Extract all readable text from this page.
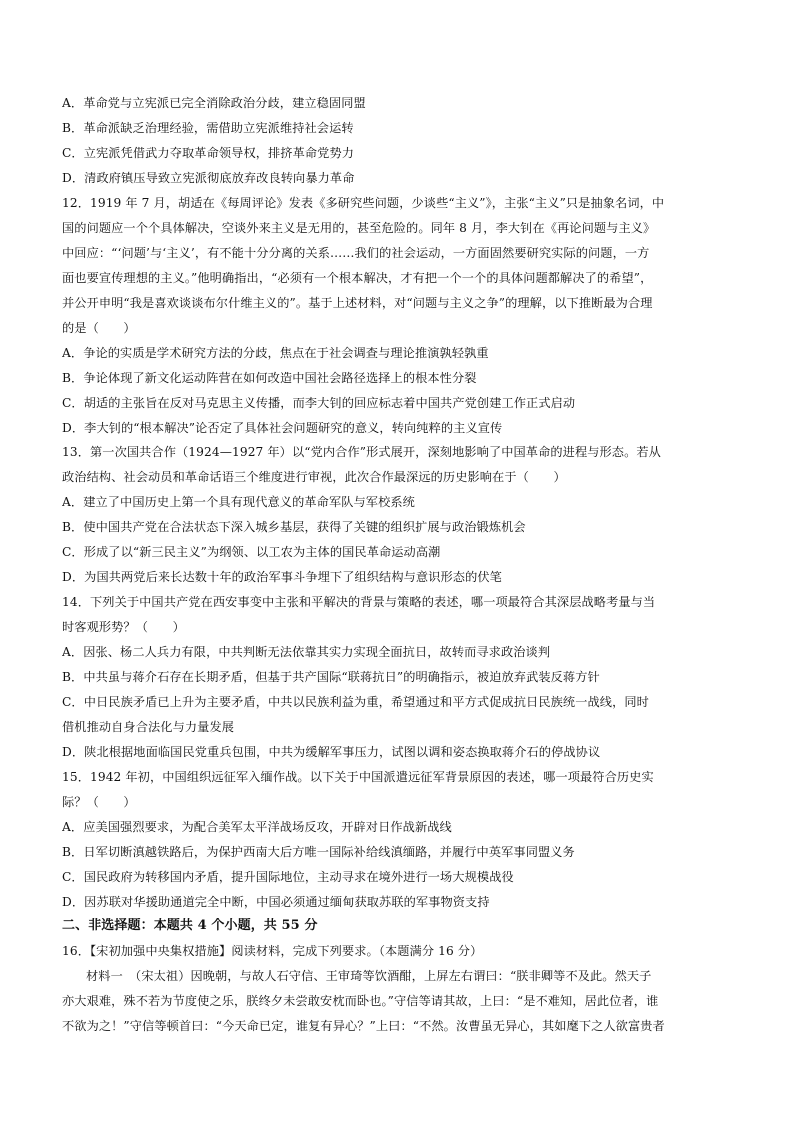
A．革命党与立宪派已完全消除政治分歧，建立稳固同盟
B．革命派缺乏治理经验，需借助立宪派维持社会运转
C．立宪派凭借武力夺取革命领导权，排挤革命党势力
D．清政府镇压导致立宪派彻底放弃改良转向暴力革命
12．1919 年 7 月，胡适在《每周评论》发表《多研究些问题，少谈些“主义”》，主张“主义”只是抽象名词，中
国的问题应一个个具体解决，空谈外来主义是无用的，甚至危险的。同年 8 月，李大钊在《再论问题与主义》
中回应：“‘问题’与‘主义’，有不能十分分离的关系……我们的社会运动，一方面固然要研究实际的问题，一方
面也要宣传理想的主义。”他明确指出，“必须有一个根本解决，才有把一个一个的具体问题都解决了的希望”，
并公开申明“我是喜欢谈谈布尔什维主义的”。基于上述材料，对“问题与主义之争”的理解，以下推断最为合理
的是（　　）
A．争论的实质是学术研究方法的分歧，焦点在于社会调查与理论推演孰轻孰重
B．争论体现了新文化运动阵营在如何改造中国社会路径选择上的根本性分裂
C．胡适的主张旨在反对马克思主义传播，而李大钊的回应标志着中国共产党创建工作正式启动
D．李大钊的“根本解决”论否定了具体社会问题研究的意义，转向纯粹的主义宣传
13．第一次国共合作（1924—1927 年）以“党内合作”形式展开，深刻地影响了中国革命的进程与形态。若从
政治结构、社会动员和革命话语三个维度进行审视，此次合作最深远的历史影响在于（　　）
A．建立了中国历史上第一个具有现代意义的革命军队与军校系统
B．使中国共产党在合法状态下深入城乡基层，获得了关键的组织扩展与政治锻炼机会
C．形成了以“新三民主义”为纲领、以工农为主体的国民革命运动高潮
D．为国共两党后来长达数十年的政治军事斗争埋下了组织结构与意识形态的伏笔
14．下列关于中国共产党在西安事变中主张和平解决的背景与策略的表述，哪一项最符合其深层战略考量与当
时客观形势？（　　）
A．因张、杨二人兵力有限，中共判断无法依靠其实力实现全面抗日，故转而寻求政治谈判
B．中共虽与蒋介石存在长期矛盾，但基于共产国际“联蒋抗日”的明确指示，被迫放弃武装反蒋方针
C．中日民族矛盾已上升为主要矛盾，中共以民族利益为重，希望通过和平方式促成抗日民族统一战线，同时
借机推动自身合法化与力量发展
D．陕北根据地面临国民党重兵包围，中共为缓解军事压力，试图以调和姿态换取蒋介石的停战协议
15．1942 年初，中国组织远征军入缅作战。以下关于中国派遣远征军背景原因的表述，哪一项最符合历史实
际？（　　）
A．应美国强烈要求，为配合美军太平洋战场反攻，开辟对日作战新战线
B．日军切断滇越铁路后，为保护西南大后方唯一国际补给线滇缅路，并履行中英军事同盟义务
C．国民政府为转移国内矛盾，提升国际地位，主动寻求在境外进行一场大规模战役
D．因苏联对华援助通道完全中断，中国必须通过缅甸获取苏联的军事物资支持
二、非选择题：本题共 4 个小题，共 55 分
16．【宋初加强中央集权措施】阅读材料，完成下列要求。（本题满分 16 分）
材料一　（宋太祖）因晚朝，与故人石守信、王审琦等饮酒酣，上屏左右谓曰：“朕非卿等不及此。然天子
亦大艰难，殊不若为节度使之乐，朕终夕未尝敢安枕而卧也。”守信等请其故，上曰：“是不难知，居此位者，谁
不欲为之！”守信等顿首曰：“今天命已定，谁复有异心？”上曰：“不然。汝曹虽无异心，其如麾下之人欲富贵者
